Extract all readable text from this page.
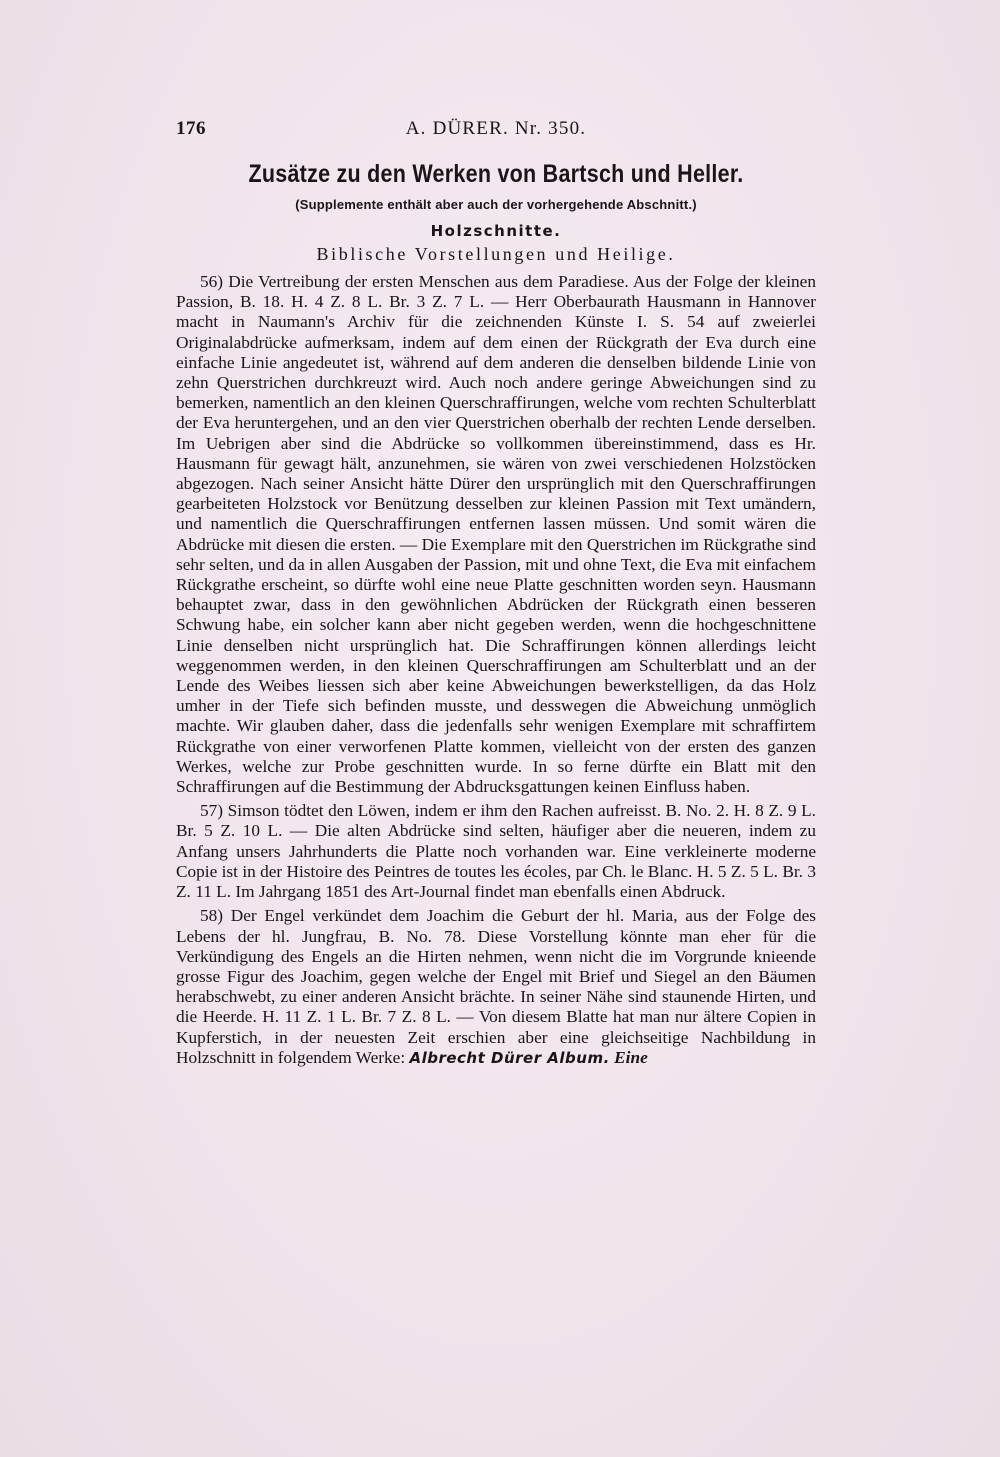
176	A. DÜRER. Nr. 350.
Zusätze zu den Werken von Bartsch und Heller.
(Supplemente enthält aber auch der vorhergehende Abschnitt.)
Holzschnitte.
Biblische Vorstellungen und Heilige.

56) Die Vertreibung der ersten Menschen aus dem Paradiese. Aus der Folge der kleinen Passion, B. 18. H. 4 Z. 8 L. Br. 3 Z. 7 L. — Herr Oberbaurath Hausmann in Hannover macht in Naumann's Archiv für die zeichnenden Künste I. S. 54 auf zweierlei Originalabdrücke aufmerksam, indem auf dem einen der Rückgrath der Eva durch eine einfache Linie angedeutet ist, während auf dem anderen die denselben bildende Linie von zehn Querstrichen durchkreuzt wird. Auch noch andere geringe Abweichungen sind zu bemerken, namentlich an den kleinen Querschraffirungen, welche vom rechten Schulterblatt der Eva heruntergehen, und an den vier Querstrichen oberhalb der rechten Lende derselben. Im Uebrigen aber sind die Abdrücke so vollkommen übereinstimmend, dass es Hr. Hausmann für gewagt hält, anzunehmen, sie wären von zwei verschiedenen Holzstöcken abgezogen. Nach seiner Ansicht hätte Dürer den ursprünglich mit den Querschraffirungen gearbeiteten Holzstock vor Benützung desselben zur kleinen Passion mit Text umändern, und namentlich die Querschraffirungen entfernen lassen müssen. Und somit wären die Abdrücke mit diesen die ersten. — Die Exemplare mit den Querstrichen im Rückgrathe sind sehr selten, und da in allen Ausgaben der Passion, mit und ohne Text, die Eva mit einfachem Rückgrathe erscheint, so dürfte wohl eine neue Platte geschnitten worden seyn. Hausmann behauptet zwar, dass in den gewöhnlichen Abdrücken der Rückgrath einen besseren Schwung habe, ein solcher kann aber nicht gegeben werden, wenn die hochgeschnittene Linie denselben nicht ursprünglich hat. Die Schraffirungen können allerdings leicht weggenommen werden, in den kleinen Querschraffirungen am Schulterblatt und an der Lende des Weibes liessen sich aber keine Abweichungen bewerkstelligen, da das Holz umher in der Tiefe sich befinden musste, und desswegen die Abweichung unmöglich machte. Wir glauben daher, dass die jedenfalls sehr wenigen Exemplare mit schraffirtem Rückgrathe von einer verworfenen Platte kommen, vielleicht von der ersten des ganzen Werkes, welche zur Probe geschnitten wurde. In so ferne dürfte ein Blatt mit den Schraffirungen auf die Bestimmung der Abdrucksgattungen keinen Einfluss haben.

57) Simson tödtet den Löwen, indem er ihm den Rachen aufreisst. B. No. 2. H. 8 Z. 9 L. Br. 5 Z. 10 L. — Die alten Abdrücke sind selten, häufiger aber die neueren, indem zu Anfang unsers Jahrhunderts die Platte noch vorhanden war. Eine verkleinerte moderne Copie ist in der Histoire des Peintres de toutes les écoles, par Ch. le Blanc. H. 5 Z. 5 L. Br. 3 Z. 11 L. Im Jahrgang 1851 des Art-Journal findet man ebenfalls einen Abdruck.

58) Der Engel verkündet dem Joachim die Geburt der hl. Maria, aus der Folge des Lebens der hl. Jungfrau, B. No. 78. Diese Vorstellung könnte man eher für die Verkündigung des Engels an die Hirten nehmen, wenn nicht die im Vorgrunde knieende grosse Figur des Joachim, gegen welche der Engel mit Brief und Siegel an den Bäumen herabschwebt, zu einer anderen Ansicht brächte. In seiner Nähe sind staunende Hirten, und die Heerde. H. 11 Z. 1 L. Br. 7 Z. 8 L. — Von diesem Blatte hat man nur ältere Copien in Kupferstich, in der neuesten Zeit erschien aber eine gleichseitige Nachbildung in Holzschnitt in folgendem Werke: Albrecht Dürer Album. Eine
